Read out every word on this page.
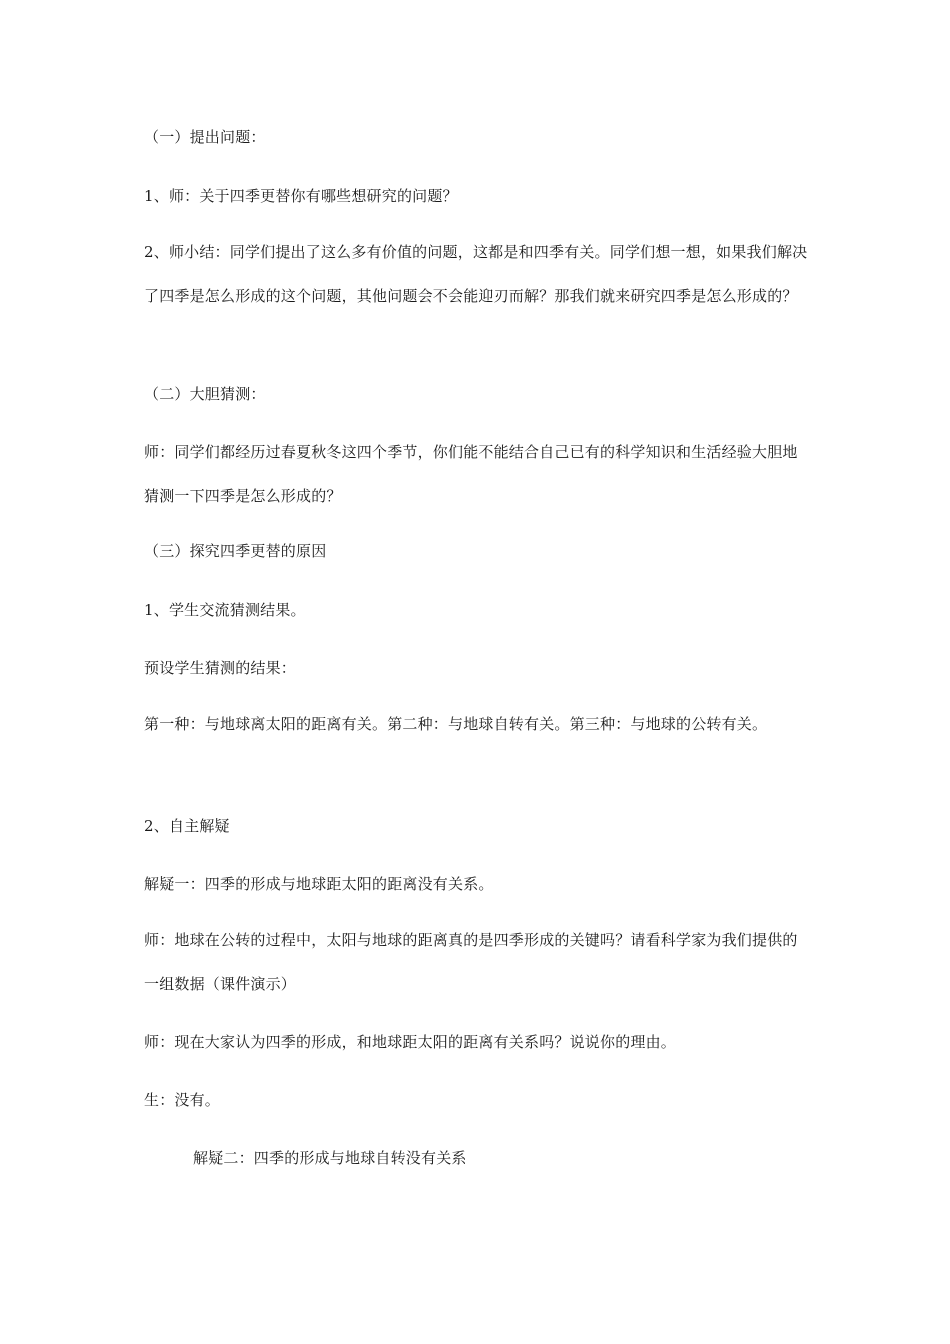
（一）提出问题：

1、师：关于四季更替你有哪些想研究的问题？

2、师小结：同学们提出了这么多有价值的问题，这都是和四季有关。同学们想一想，如果我们解决了四季是怎么形成的这个问题，其他问题会不会能迎刃而解？那我们就来研究四季是怎么形成的？

（二）大胆猜测：

师：同学们都经历过春夏秋冬这四个季节，你们能不能结合自己已有的科学知识和生活经验大胆地猜测一下四季是怎么形成的？

（三）探究四季更替的原因

1、学生交流猜测结果。

预设学生猜测的结果：

第一种：与地球离太阳的距离有关。第二种：与地球自转有关。第三种：与地球的公转有关。

2、自主解疑

解疑一：四季的形成与地球距太阳的距离没有关系。

师：地球在公转的过程中，太阳与地球的距离真的是四季形成的关键吗？请看科学家为我们提供的一组数据（课件演示）

师：现在大家认为四季的形成，和地球距太阳的距离有关系吗？说说你的理由。

生：没有。

解疑二：四季的形成与地球自转没有关系
